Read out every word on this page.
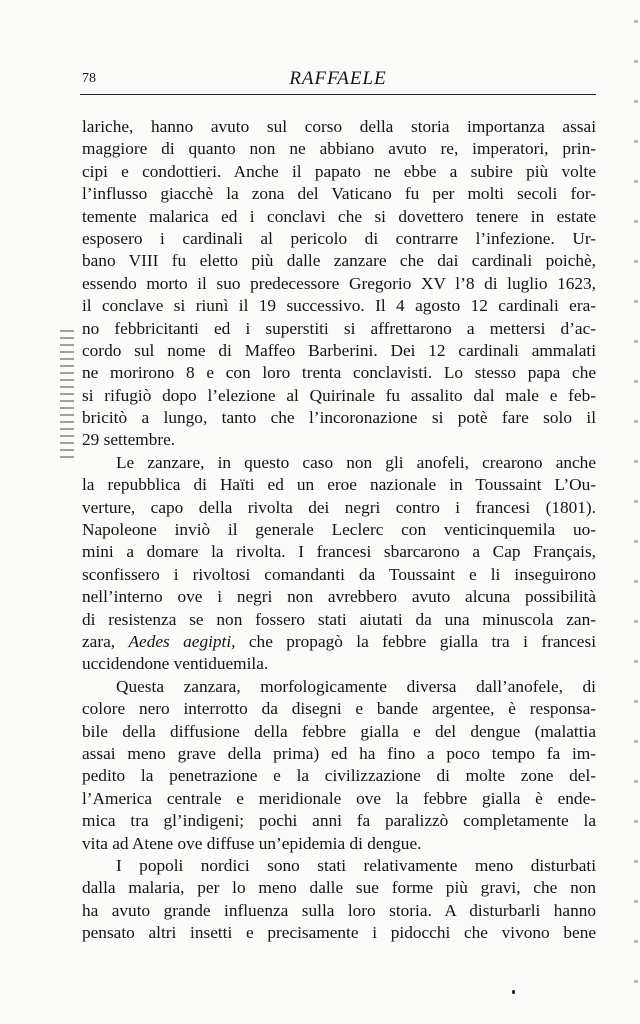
78	RAFFAELE
lariche, hanno avuto sul corso della storia importanza assai
maggiore di quanto non ne abbiano avuto re, imperatori, prin-
cipi e condottieri. Anche il papato ne ebbe a subire più volte
l’influsso giacchè la zona del Vaticano fu per molti secoli for-
temente malarica ed i conclavi che si dovettero tenere in estate
esposero i cardinali al pericolo di contrarre l’infezione. Ur-
bano VIII fu eletto più dalle zanzare che dai cardinali poichè,
essendo morto il suo predecessore Gregorio XV l’8 di luglio 1623,
il conclave si riunì il 19 successivo. Il 4 agosto 12 cardinali era-
no febbricitanti ed i superstiti si affrettarono a mettersi d’ac-
cordo sul nome di Maffeo Barberini. Dei 12 cardinali ammalati
ne morirono 8 e con loro trenta conclavisti. Lo stesso papa che
si rifugiò dopo l’elezione al Quirinale fu assalito dal male e feb-
bricitò a lungo, tanto che l’incoronazione si potè fare solo il
29 settembre.
Le zanzare, in questo caso non gli anofeli, crearono anche
la repubblica di Haïti ed un eroe nazionale in Toussaint L’Ou-
verture, capo della rivolta dei negri contro i francesi (1801).
Napoleone inviò il generale Leclerc con venticinquemila uo-
mini a domare la rivolta. I francesi sbarcarono a Cap Français,
sconfissero i rivoltosi comandanti da Toussaint e li inseguirono
nell’interno ove i negri non avrebbero avuto alcuna possibilità
di resistenza se non fossero stati aiutati da una minuscola zan-
zara, Aedes aegipti, che propagò la febbre gialla tra i francesi
uccidendone ventiduemila.
Questa zanzara, morfologicamente diversa dall’anofele, di
colore nero interrotto da disegni e bande argentee, è responsa-
bile della diffusione della febbre gialla e del dengue (malattia
assai meno grave della prima) ed ha fino a poco tempo fa im-
pedito la penetrazione e la civilizzazione di molte zone del-
l’America centrale e meridionale ove la febbre gialla è ende-
mica tra gl’indigeni; pochi anni fa paralizzò completamente la
vita ad Atene ove diffuse un’epidemia di dengue.
I popoli nordici sono stati relativamente meno disturbati
dalla malaria, per lo meno dalle sue forme più gravi, che non
ha avuto grande influenza sulla loro storia. A disturbarli hanno
pensato altri insetti e precisamente i pidocchi che vivono bene
